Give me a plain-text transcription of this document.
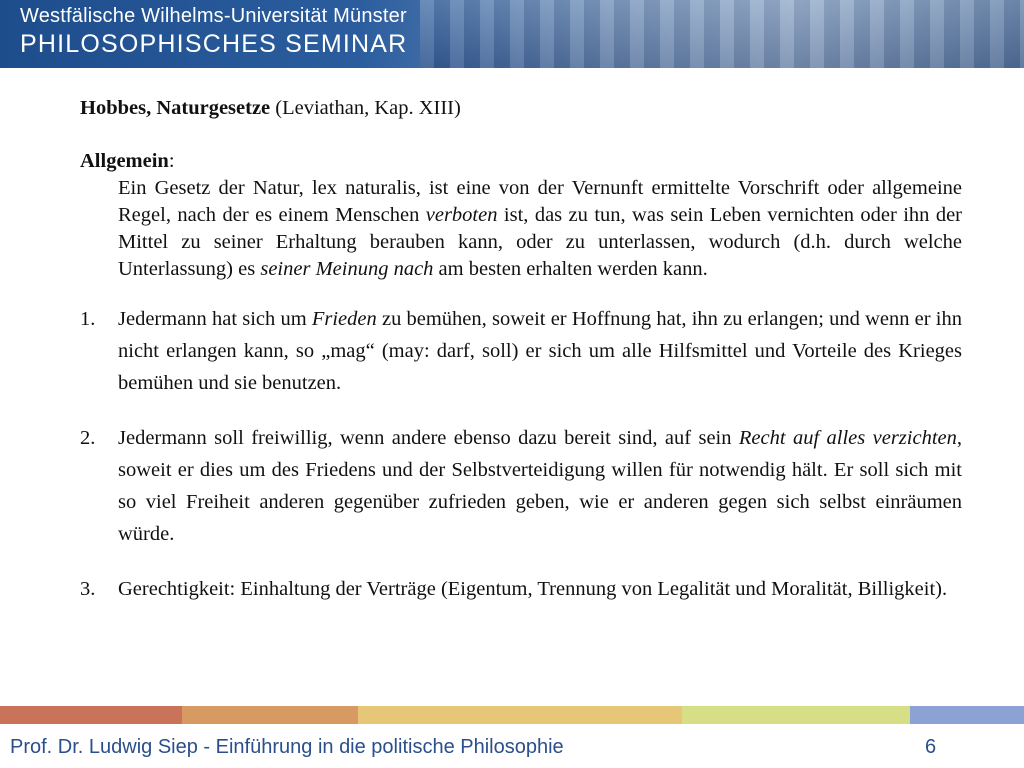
Westfälische Wilhelms-Universität Münster
PHILOSOPHISCHES SEMINAR

Hobbes, Naturgesetze (Leviathan, Kap. XIII)

Allgemein:

Ein Gesetz der Natur, lex naturalis, ist eine von der Vernunft ermittelte Vorschrift oder allgemeine Regel, nach der es einem Menschen verboten ist, das zu tun, was sein Leben vernichten oder ihn der Mittel zu seiner Erhaltung berauben kann, oder zu unterlassen, wodurch (d.h. durch welche Unterlassung) es seiner Meinung nach am besten erhalten werden kann.

1. Jedermann hat sich um Frieden zu bemühen, soweit er Hoffnung hat, ihn zu erlangen; und wenn er ihn nicht erlangen kann, so „mag“ (may: darf, soll) er sich um alle Hilfsmittel und Vorteile des Krieges bemühen und sie benutzen.
2. Jedermann soll freiwillig, wenn andere ebenso dazu bereit sind, auf sein Recht auf alles verzichten, soweit er dies um des Friedens und der Selbstverteidigung willen für notwendig hält. Er soll sich mit so viel Freiheit anderen gegenüber zufrieden geben, wie er anderen gegen sich selbst einräumen würde.
3. Gerechtigkeit: Einhaltung der Verträge (Eigentum, Trennung von Legalität und Moralität, Billigkeit).
Prof. Dr. Ludwig Siep - Einführung in die politische Philosophie	6
